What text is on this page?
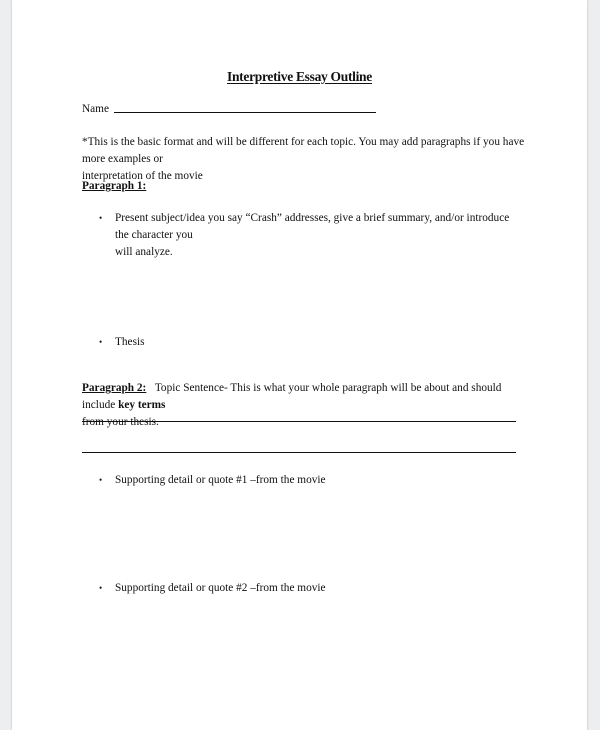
Interpretive Essay Outline
Name
*This is the basic format and will be different for each topic. You may add paragraphs if you have more examples or
interpretation of the movie
Paragraph 1:
• Present subject/idea you say “Crash” addresses, give a brief summary, and/or introduce the character you
will analyze.
• Thesis
Paragraph 2: Topic Sentence- This is what your whole paragraph will be about and should include key terms
from your thesis.
• Supporting detail or quote #1 –from the movie
• Supporting detail or quote #2 –from the movie
